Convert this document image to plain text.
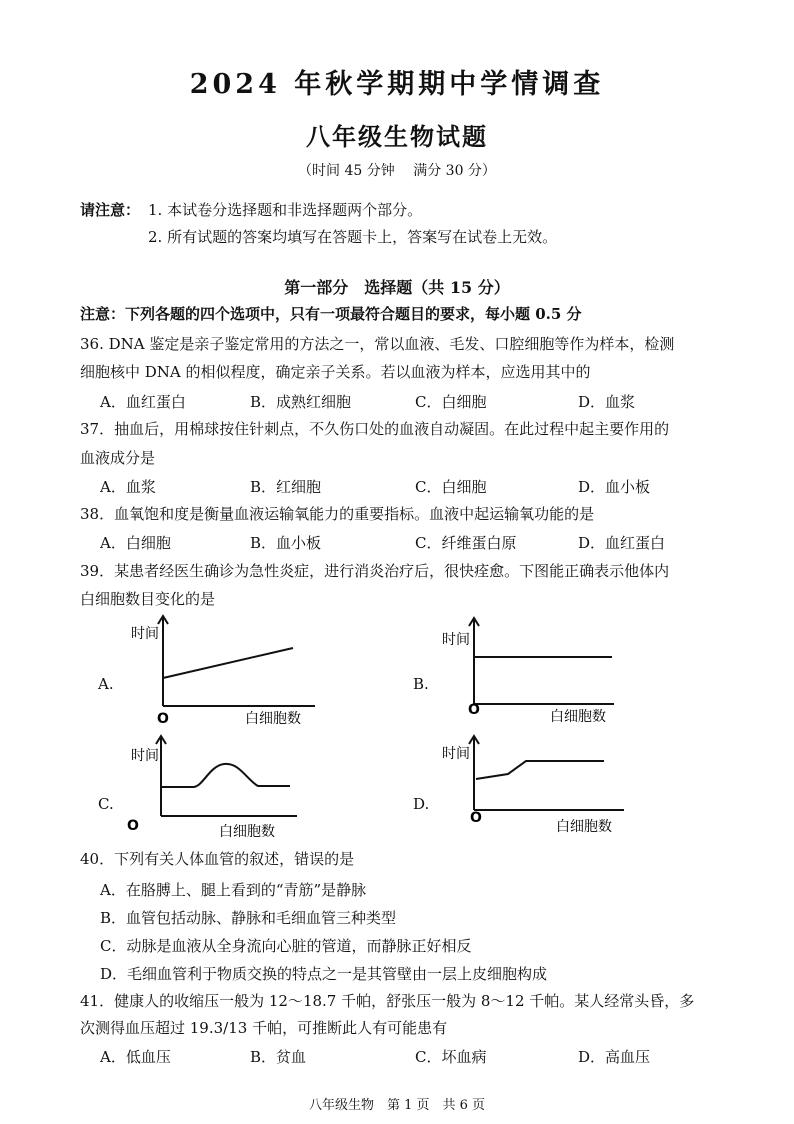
2024 年秋学期期中学情调查
八年级生物试题
（时间 45 分钟　 满分 30 分）
请注意： 1. 本试卷分选择题和非选择题两个部分。
2. 所有试题的答案均填写在答题卡上，答案写在试卷上无效。
第一部分　选择题（共 15 分）
注意：下列各题的四个选项中，只有一项最符合题目的要求，每小题 0.5 分
36. DNA 鉴定是亲子鉴定常用的方法之一，常以血液、毛发、口腔细胞等作为样本，检测
细胞核中 DNA 的相似程度，确定亲子关系。若以血液为样本，应选用其中的
A．血红蛋白	B．成熟红细胞	C．白细胞	D．血浆
37．抽血后，用棉球按住针刺点，不久伤口处的血液自动凝固。在此过程中起主要作用的
血液成分是
A．血浆	B．红细胞	C．白细胞	D．血小板
38．血氧饱和度是衡量血液运输氧能力的重要指标。血液中起运输氧功能的是
A．白细胞	B．血小板	C．纤维蛋白原	D．血红蛋白
39．某患者经医生确诊为急性炎症，进行消炎治疗后，很快痊愈。下图能正确表示他体内
白细胞数目变化的是
A.
时间
O	白细胞数
B.
时间
O	白细胞数
C.
时间
O	白细胞数
D.
时间
O
白细胞数
40．下列有关人体血管的叙述，错误的是
A．在胳膊上、腿上看到的“青筋”是静脉
B．血管包括动脉、静脉和毛细血管三种类型
C．动脉是血液从全身流向心脏的管道，而静脉正好相反
D．毛细血管利于物质交换的特点之一是其管壁由一层上皮细胞构成
41．健康人的收缩压一般为 12～18.7 千帕，舒张压一般为 8～12 千帕。某人经常头昏，多
次测得血压超过 19.3/13 千帕，可推断此人有可能患有
A．低血压	B．贫血	C．坏血病	D．高血压
八年级生物　第 1 页　共 6 页
